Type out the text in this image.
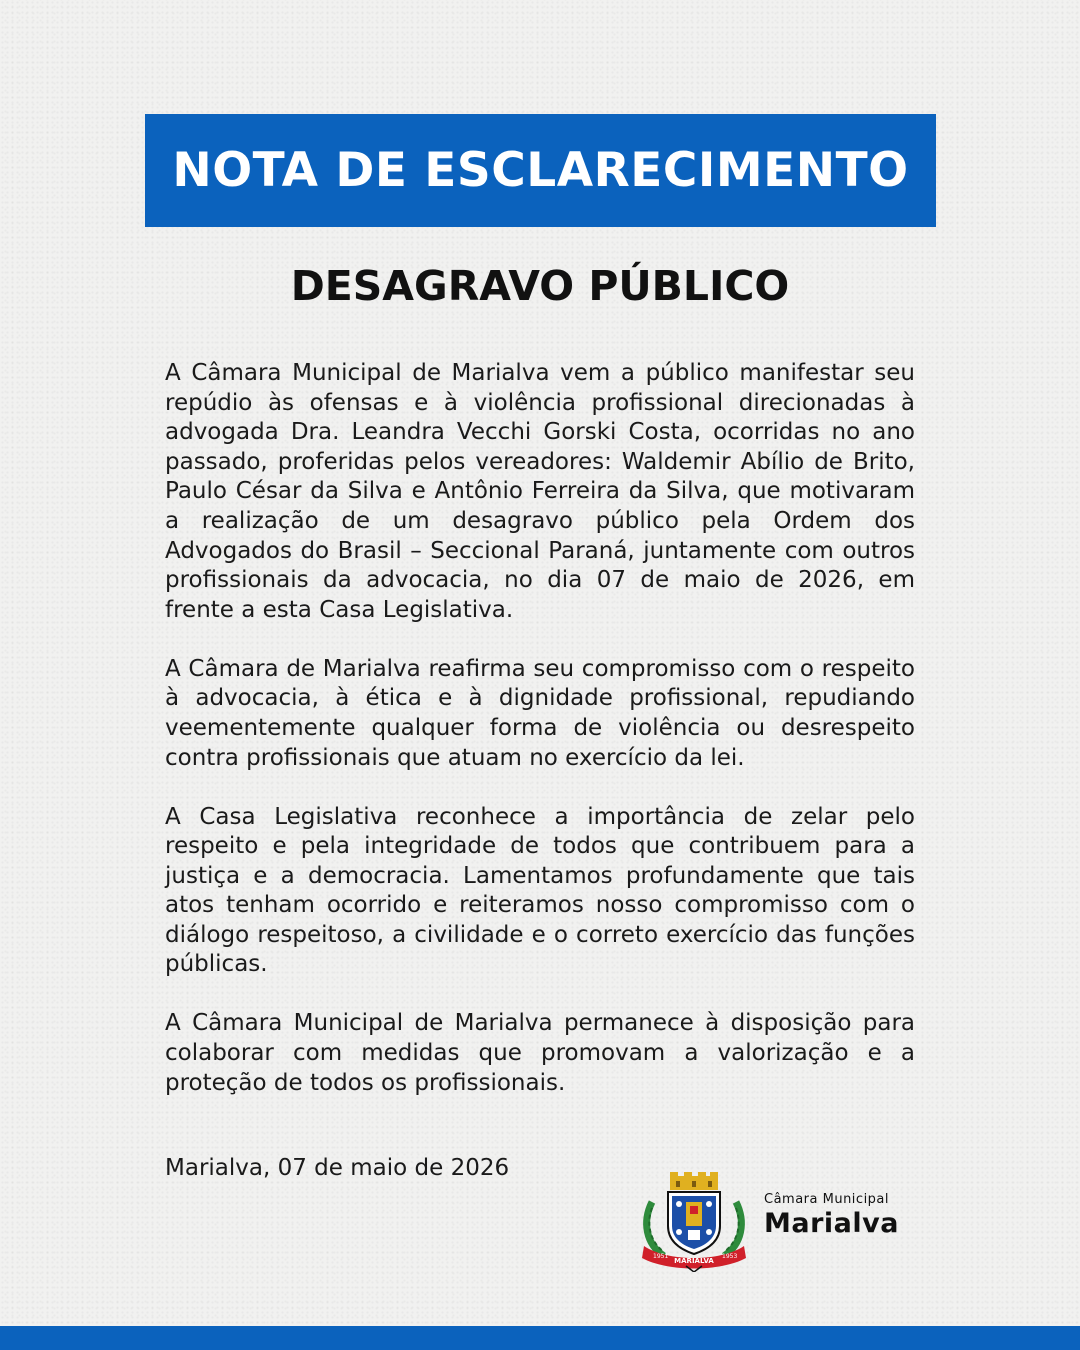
NOTA DE ESCLARECIMENTO
DESAGRAVO PÚBLICO

A Câmara Municipal de Marialva vem a público manifestar seu repúdio às ofensas e à violência profissional direcionadas à advogada Dra. Leandra Vecchi Gorski Costa, ocorridas no ano passado, proferidas pelos vereadores: Waldemir Abílio de Brito, Paulo César da Silva e Antônio Ferreira da Silva, que motivaram a realização de um desagravo público pela Ordem dos Advogados do Brasil – Seccional Paraná, juntamente com outros profissionais da advocacia, no dia 07 de maio de 2026, em frente a esta Casa Legislativa.

A Câmara de Marialva reafirma seu compromisso com o respeito à advocacia, à ética e à dignidade profissional, repudiando veementemente qualquer forma de violência ou desrespeito contra profissionais que atuam no exercício da lei.

A Casa Legislativa reconhece a importância de zelar pelo respeito e pela integridade de todos que contribuem para a justiça e a democracia. Lamentamos profundamente que tais atos tenham ocorrido e reiteramos nosso compromisso com o diálogo respeitoso, a civilidade e o correto exercício das funções públicas.

A Câmara Municipal de Marialva permanece à disposição para colaborar com medidas que promovam a valorização e a proteção de todos os profissionais.

Marialva, 07 de maio de 2026
1951
MARIALVA
1953
Câmara Municipal
Marialva
